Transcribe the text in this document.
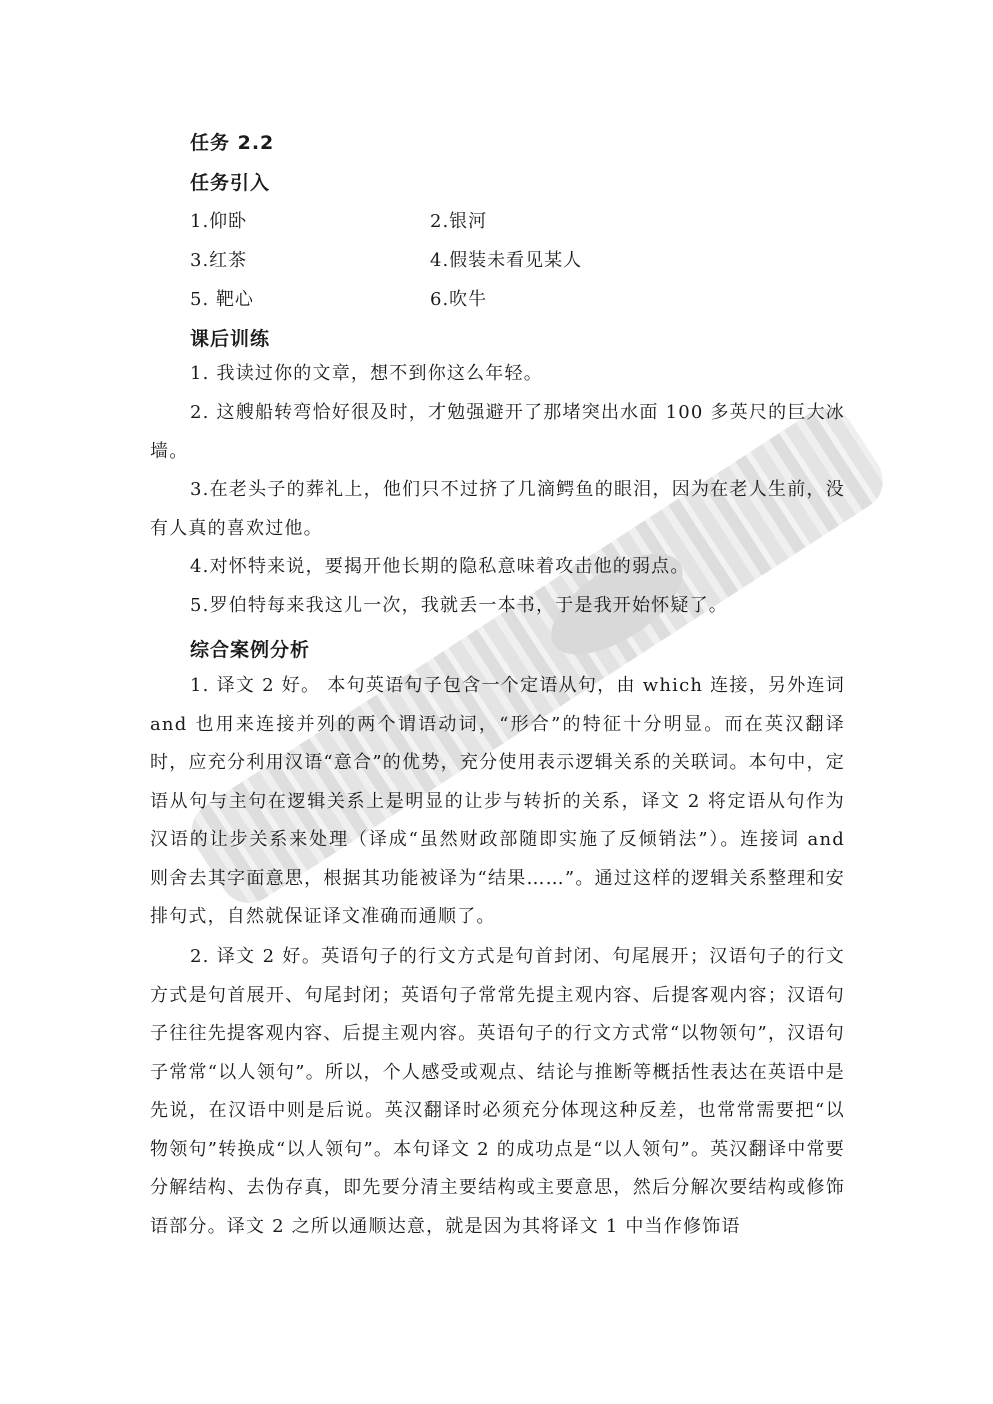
任务 2.2
任务引入
1.仰卧	2.银河
3.红茶	4.假装未看见某人
5. 靶心	6.吹牛
课后训练

1. 我读过你的文章，想不到你这么年轻。

2. 这艘船转弯恰好很及时，才勉强避开了那堵突出水面 100 多英尺的巨大冰墙。

3.在老头子的葬礼上，他们只不过挤了几滴鳄鱼的眼泪，因为在老人生前，没有人真的喜欢过他。

4.对怀特来说，要揭开他长期的隐私意味着攻击他的弱点。

5.罗伯特每来我这儿一次，我就丢一本书，于是我开始怀疑了。

综合案例分析

1. 译文 2 好。 本句英语句子包含一个定语从句，由 which 连接，另外连词 and 也用来连接并列的两个谓语动词，“形合”的特征十分明显。而在英汉翻译时，应充分利用汉语“意合”的优势，充分使用表示逻辑关系的关联词。本句中，定语从句与主句在逻辑关系上是明显的让步与转折的关系，译文 2 将定语从句作为汉语的让步关系来处理（译成“虽然财政部随即实施了反倾销法”）。连接词 and 则舍去其字面意思，根据其功能被译为“结果……”。通过这样的逻辑关系整理和安排句式，自然就保证译文准确而通顺了。

2. 译文 2 好。英语句子的行文方式是句首封闭、句尾展开；汉语句子的行文方式是句首展开、句尾封闭；英语句子常常先提主观内容、后提客观内容；汉语句子往往先提客观内容、后提主观内容。英语句子的行文方式常“以物领句”，汉语句子常常“以人领句”。所以，个人感受或观点、结论与推断等概括性表达在英语中是先说，在汉语中则是后说。英汉翻译时必须充分体现这种反差，也常常需要把“以物领句”转换成“以人领句”。本句译文 2 的成功点是“以人领句”。英汉翻译中常要分解结构、去伪存真，即先要分清主要结构或主要意思，然后分解次要结构或修饰语部分。译文 2 之所以通顺达意，就是因为其将译文 1 中当作修饰语
